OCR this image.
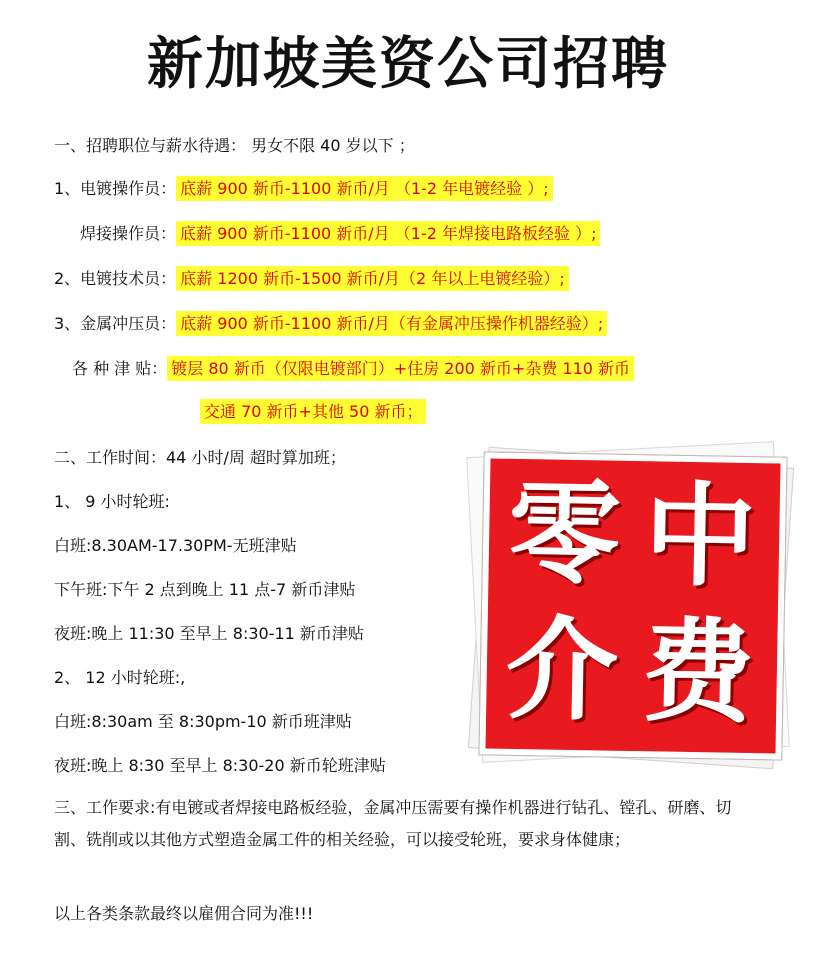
新加坡美资公司招聘
一、招聘职位与薪水待遇： 男女不限 40 岁以下 ；
1、电镀操作员： 底薪 900 新币-1100 新币/月 （1-2 年电镀经验 ）;
焊接操作员： 底薪 900 新币-1100 新币/月 （1-2 年焊接电路板经验 ）;
2、电镀技术员： 底薪 1200 新币-1500 新币/月（2 年以上电镀经验）;
3、金属冲压员： 底薪 900 新币-1100 新币/月（有金属冲压操作机器经验）;
各 种 津 贴： 镀层 80 新币（仅限电镀部门）+住房 200 新币+杂费 110 新币
交通 70 新币+其他 50 新币；
二、工作时间：44 小时/周 超时算加班；
1、 9 小时轮班:
白班:8.30AM-17.30PM-无班津贴
下午班:下午 2 点到晚上 11 点-7 新币津贴
夜班:晚上 11:30 至早上 8:30-11 新币津贴
2、 12 小时轮班:,
白班:8:30am 至 8:30pm-10 新币班津贴
夜班:晚上 8:30 至早上 8:30-20 新币轮班津贴
三、工作要求:有电镀或者焊接电路板经验，金属冲压需要有操作机器进行钻孔、镗孔、研磨、切割、铣削或以其他方式塑造金属工件的相关经验，可以接受轮班，要求身体健康；
以上各类条款最终以雇佣合同为准!!!
零 中
介 费
